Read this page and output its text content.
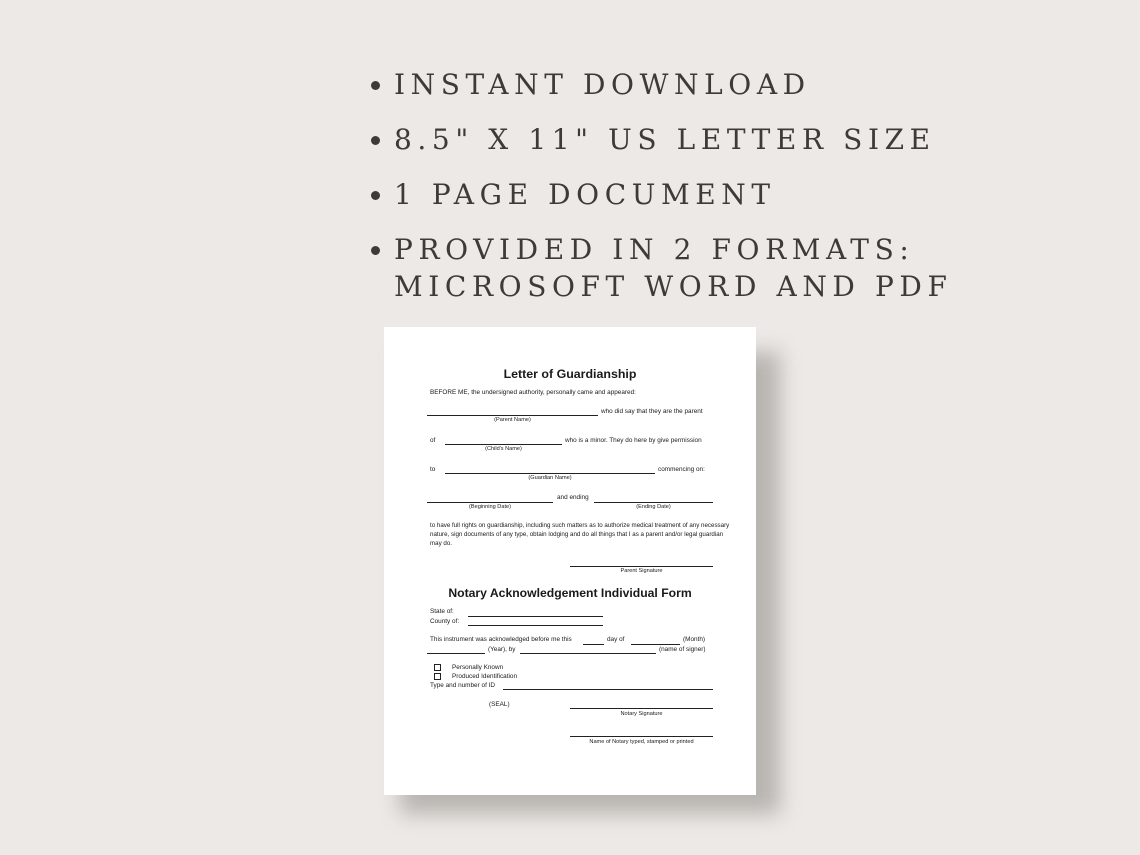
INSTANT DOWNLOAD

8.5" X 11" US LETTER SIZE

1 PAGE DOCUMENT

PROVIDED IN 2 FORMATS:

MICROSOFT WORD AND PDF

Letter of Guardianship
BEFORE ME, the undersigned authority, personally came and appeared:
who did say that they are the parent
(Parent Name)
of	who is a minor. They do here by give permission
(Child's Name)
to	commencing on:
(Guardian Name)
and ending
(Beginning Date)	(Ending Date)
to have full rights on guardianship, including such matters as to authorize medical treatment of any necessary nature, sign documents of any type, obtain lodging and do all things that I as a parent and/or legal guardian may do.
Parent Signature
Notary Acknowledgement Individual Form
State of:
County of:
This instrument was acknowledged before me this	day of	(Month)
(Year), by	(name of signer)
Personally Known
Produced Identification
Type and number of ID
(SEAL)
Notary Signature
Name of Notary typed, stamped or printed
